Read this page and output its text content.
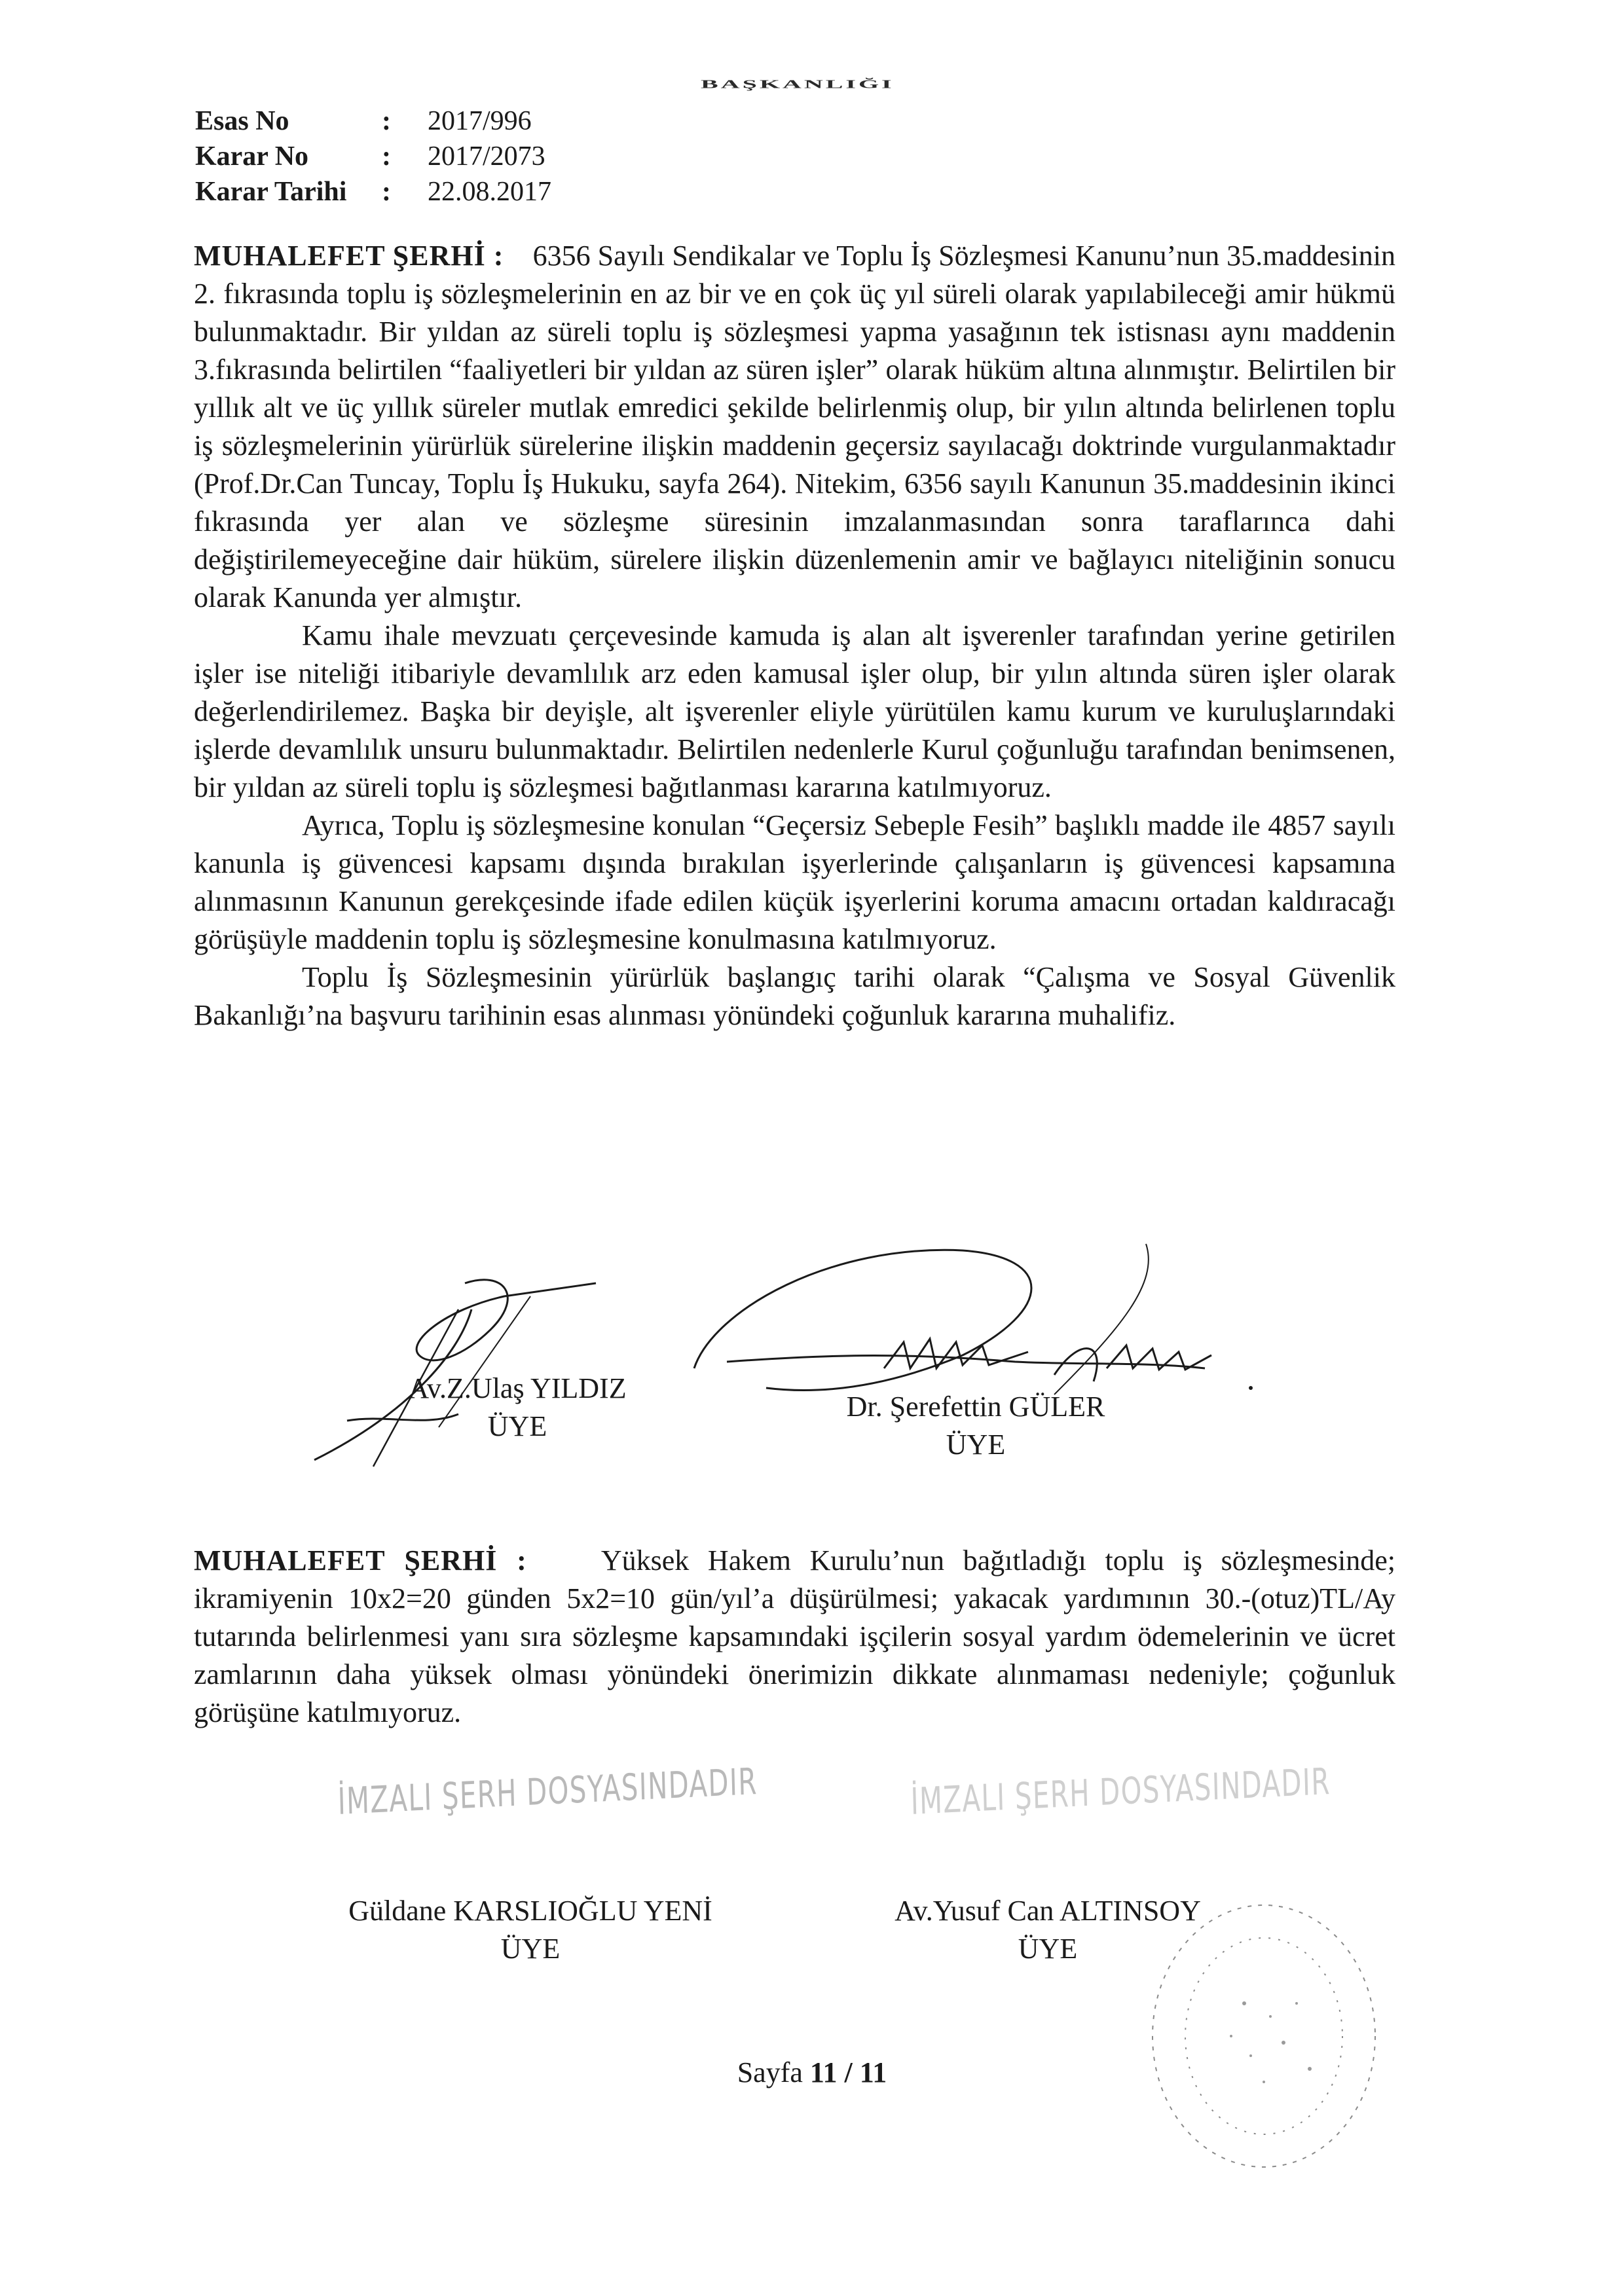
BAŞKANLIĞI
Esas No	:	2017/996
Karar No	:	2017/2073
Karar Tarihi	:	22.08.2017

MUHALEFET ŞERHİ : 6356 Sayılı Sendikalar ve Toplu İş Sözleşmesi Kanunu’nun 35.maddesinin 2. fıkrasında toplu iş sözleşmelerinin en az bir ve en çok üç yıl süreli olarak yapılabileceği amir hükmü bulunmaktadır. Bir yıldan az süreli toplu iş sözleşmesi yapma yasağının tek istisnası aynı maddenin 3.fıkrasında belirtilen “faaliyetleri bir yıldan az süren işler” olarak hüküm altına alınmıştır. Belirtilen bir yıllık alt ve üç yıllık süreler mutlak emredici şekilde belirlenmiş olup, bir yılın altında belirlenen toplu iş sözleşmelerinin yürürlük sürelerine ilişkin maddenin geçersiz sayılacağı doktrinde vurgulanmaktadır (Prof.Dr.Can Tuncay, Toplu İş Hukuku, sayfa 264). Nitekim, 6356 sayılı Kanunun 35.maddesinin ikinci fıkrasında yer alan ve sözleşme süresinin imzalanmasından sonra taraflarınca dahi değiştirilemeyeceğine dair hüküm, sürelere ilişkin düzenlemenin amir ve bağlayıcı niteliğinin sonucu olarak Kanunda yer almıştır.

Kamu ihale mevzuatı çerçevesinde kamuda iş alan alt işverenler tarafından yerine getirilen işler ise niteliği itibariyle devamlılık arz eden kamusal işler olup, bir yılın altında süren işler olarak değerlendirilemez. Başka bir deyişle, alt işverenler eliyle yürütülen kamu kurum ve kuruluşlarındaki işlerde devamlılık unsuru bulunmaktadır. Belirtilen nedenlerle Kurul çoğunluğu tarafından benimsenen, bir yıldan az süreli toplu iş sözleşmesi bağıtlanması kararına katılmıyoruz.

Ayrıca, Toplu iş sözleşmesine konulan “Geçersiz Sebeple Fesih” başlıklı madde ile 4857 sayılı kanunla iş güvencesi kapsamı dışında bırakılan işyerlerinde çalışanların iş güvencesi kapsamına alınmasının Kanunun gerekçesinde ifade edilen küçük işyerlerini koruma amacını ortadan kaldıracağı görüşüyle maddenin toplu iş sözleşmesine konulmasına katılmıyoruz.

Toplu İş Sözleşmesinin yürürlük başlangıç tarihi olarak “Çalışma ve Sosyal Güvenlik Bakanlığı’na başvuru tarihinin esas alınması yönündeki çoğunluk kararına muhalifiz.

Av.Z.Ulaş YILDIZ
ÜYE
Dr. Şerefettin GÜLER
ÜYE

MUHALEFET ŞERHİ :	Yüksek Hakem Kurulu’nun bağıtladığı toplu iş sözleşmesinde; ikramiyenin 10x2=20 günden 5x2=10 gün/yıl’a düşürülmesi; yakacak yardımının 30.-(otuz)TL/Ay tutarında belirlenmesi yanı sıra sözleşme kapsamındaki işçilerin sosyal yardım ödemelerinin ve ücret zamlarının daha yüksek olması yönündeki önerimizin dikkate alınmaması nedeniyle; çoğunluk görüşüne katılmıyoruz.

İMZALI ŞERH DOSYASINDADIR	İMZALI ŞERH DOSYASINDADIR
Güldane KARSLIOĞLU YENİ
ÜYE
Av.Yusuf Can ALTINSOY
ÜYE
Sayfa 11 / 11
